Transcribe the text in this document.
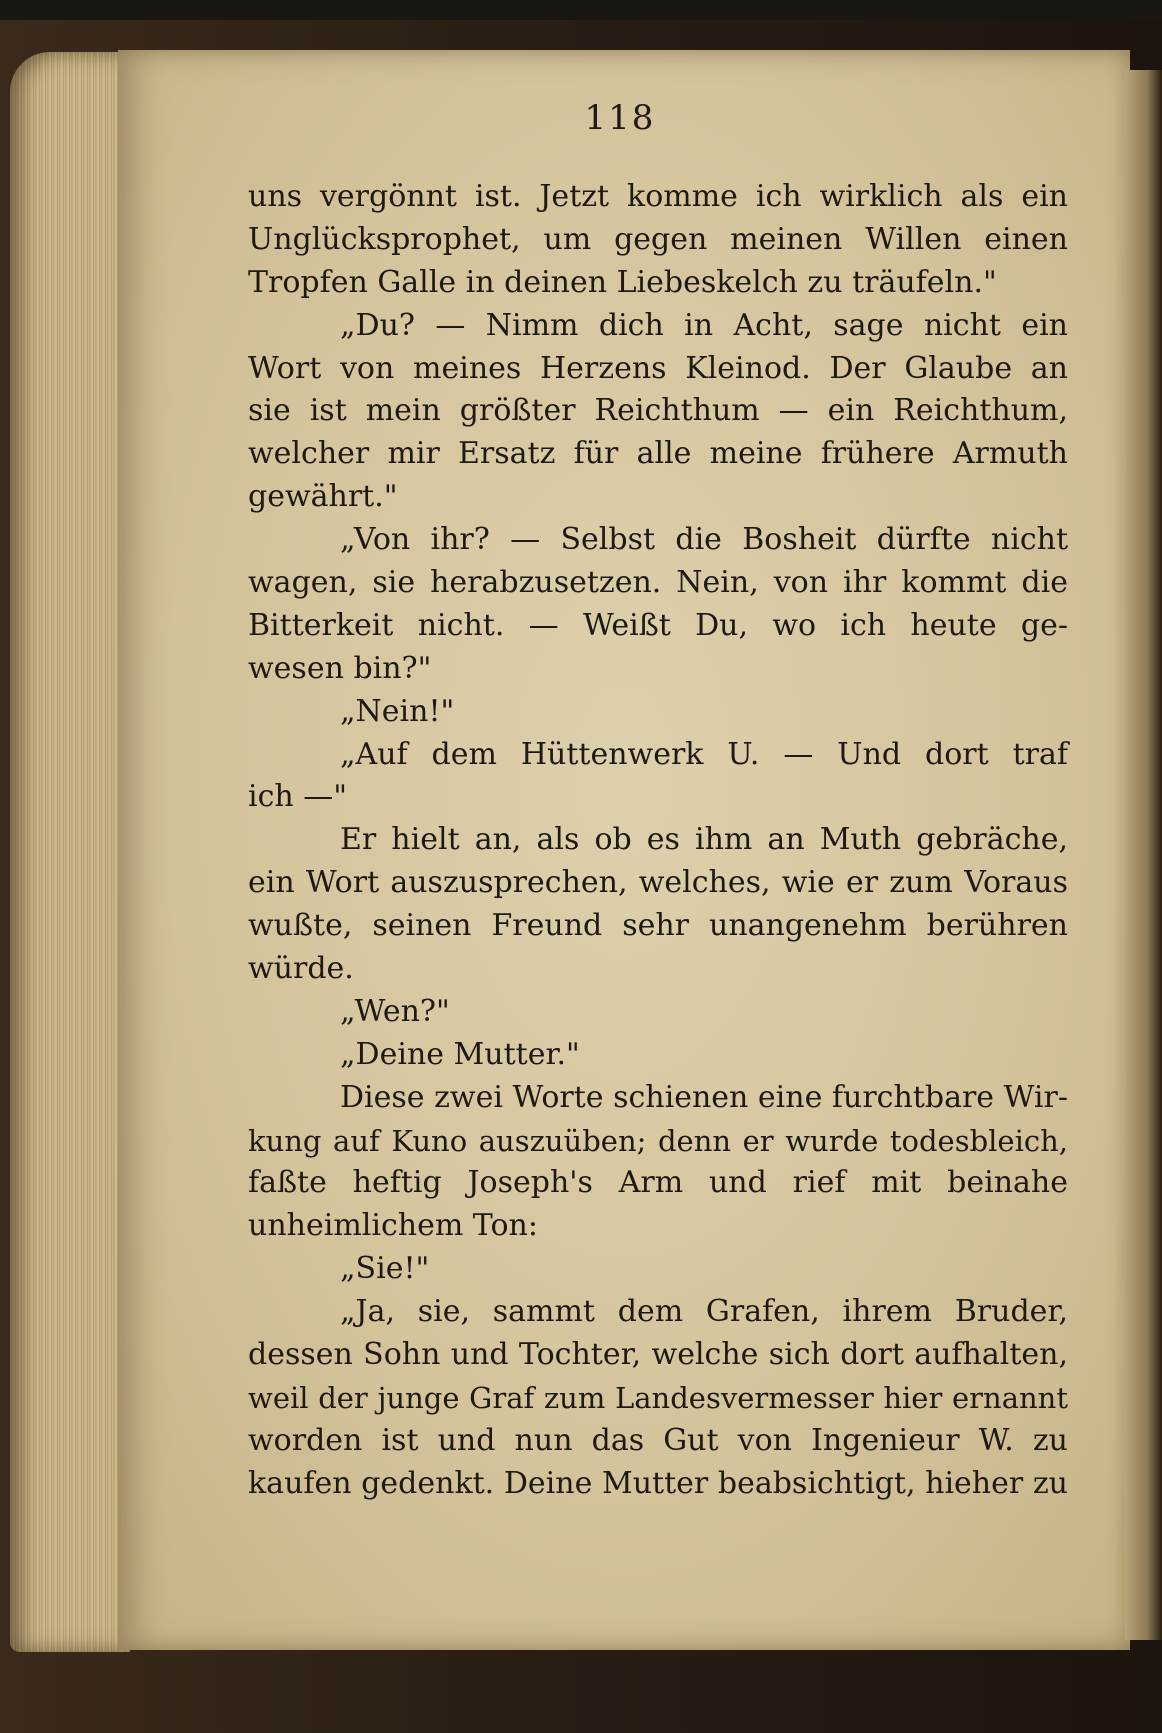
118
uns vergönnt ist. Jetzt komme ich wirklich als ein
Unglücksprophet, um gegen meinen Willen einen
Tropfen Galle in deinen Liebeskelch zu träufeln."
„Du? — Nimm dich in Acht, sage nicht ein
Wort von meines Herzens Kleinod. Der Glaube an
sie ist mein größter Reichthum — ein Reichthum,
welcher mir Ersatz für alle meine frühere Armuth
gewährt."
„Von ihr? — Selbst die Bosheit dürfte nicht
wagen, sie herabzusetzen. Nein, von ihr kommt die
Bitterkeit nicht. — Weißt Du, wo ich heute ge-
wesen bin?"
„Nein!"
„Auf dem Hüttenwerk U. — Und dort traf
ich —"
Er hielt an, als ob es ihm an Muth gebräche,
ein Wort auszusprechen, welches, wie er zum Voraus
wußte, seinen Freund sehr unangenehm berühren
würde.
„Wen?"
„Deine Mutter."
Diese zwei Worte schienen eine furchtbare Wir-
kung auf Kuno auszuüben; denn er wurde todesbleich,
faßte heftig Joseph's Arm und rief mit beinahe
unheimlichem Ton:
„Sie!"
„Ja, sie, sammt dem Grafen, ihrem Bruder,
dessen Sohn und Tochter, welche sich dort aufhalten,
weil der junge Graf zum Landesvermesser hier ernannt
worden ist und nun das Gut von Ingenieur W. zu
kaufen gedenkt. Deine Mutter beabsichtigt, hieher zu
